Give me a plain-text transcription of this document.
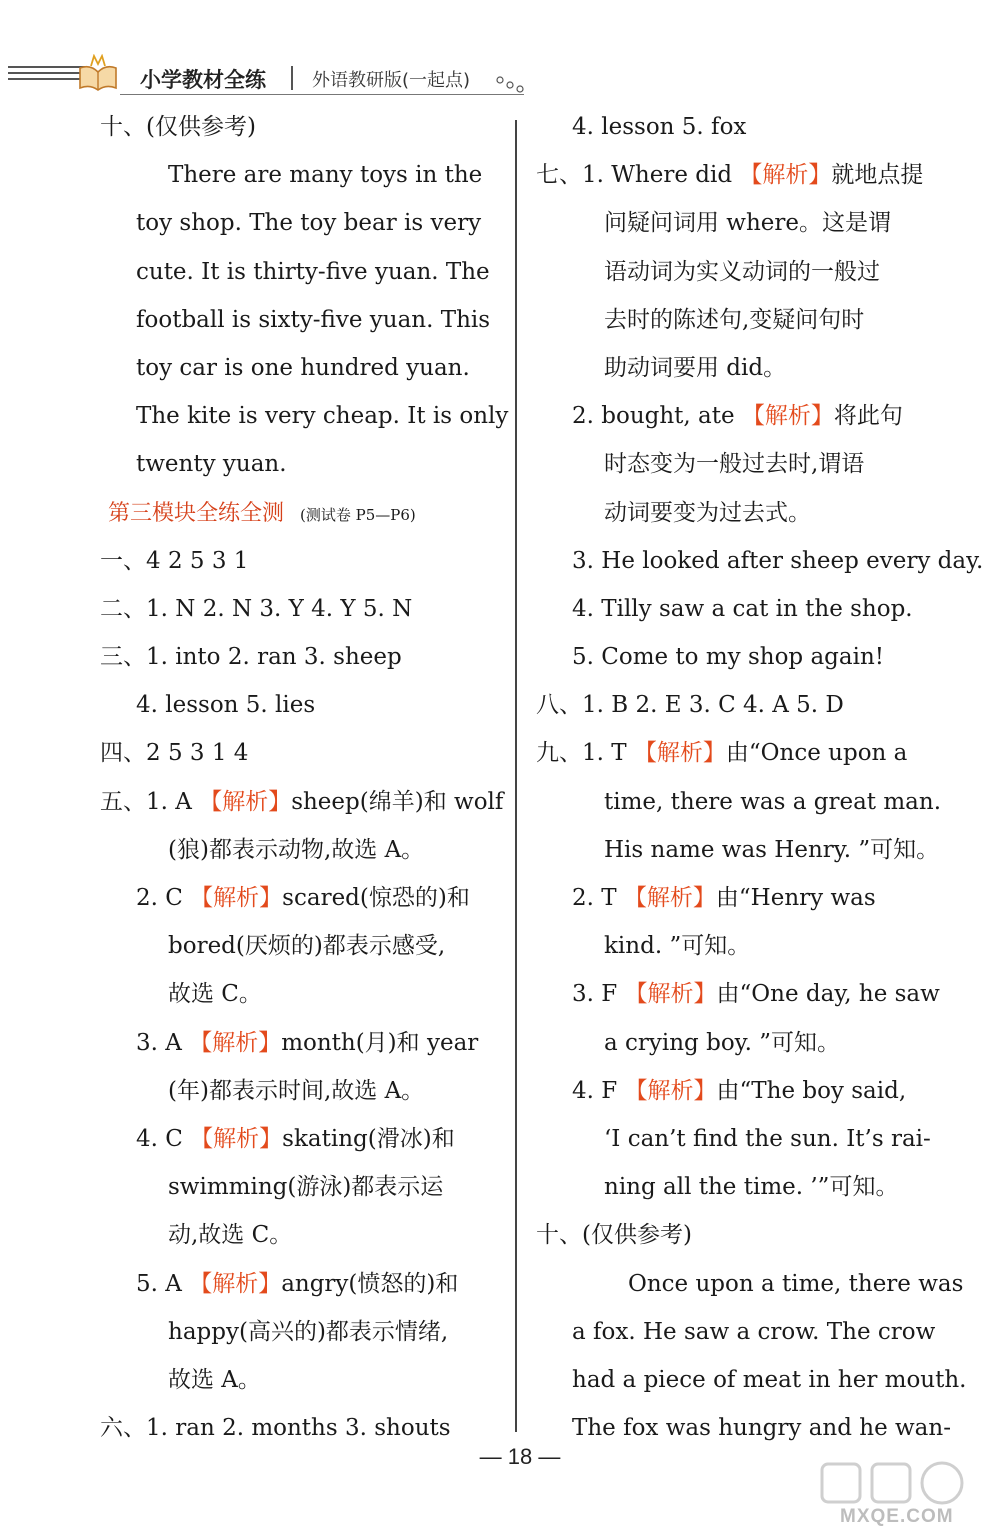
小学教材全练	外语教研版(一起点)
十、(仅供参考)
There are many toys in the
toy shop. The toy bear is very
cute. It is thirty-five yuan. The
football is sixty-five yuan. This
toy car is one hundred yuan.
The kite is very cheap. It is only
twenty yuan.
第三模块全练全测 (测试卷 P5—P6)
一、4 2 5 3 1
二、1. N 2. N 3. Y 4. Y 5. N
三、1. into 2. ran 3. sheep
4. lesson 5. lies
四、2 5 3 1 4
五、1. A 【解析】sheep(绵羊)和 wolf
(狼)都表示动物,故选 A。
2. C 【解析】scared(惊恐的)和
bored(厌烦的)都表示感受,
故选 C。
3. A 【解析】month(月)和 year
(年)都表示时间,故选 A。
4. C 【解析】skating(滑冰)和
swimming(游泳)都表示运
动,故选 C。
5. A 【解析】angry(愤怒的)和
happy(高兴的)都表示情绪,
故选 A。
六、1. ran 2. months 3. shouts
4. lesson 5. fox
七、1. Where did 【解析】就地点提
问疑问词用 where。这是谓
语动词为实义动词的一般过
去时的陈述句,变疑问句时
助动词要用 did。
2. bought, ate 【解析】将此句
时态变为一般过去时,谓语
动词要变为过去式。
3. He looked after sheep every day.
4. Tilly saw a cat in the shop.
5. Come to my shop again!
八、1. B 2. E 3. C 4. A 5. D
九、1. T 【解析】由“Once upon a
time, there was a great man.
His name was Henry. ”可知。
2. T 【解析】由“Henry was
kind. ”可知。
3. F 【解析】由“One day, he saw
a crying boy. ”可知。
4. F 【解析】由“The boy said,
‘I can’t find the sun. It’s rai-
ning all the time. ’”可知。
十、(仅供参考)
Once upon a time, there was
a fox. He saw a crow. The crow
had a piece of meat in her mouth.
The fox was hungry and he wan-
— 18 —
MXQE.COM
